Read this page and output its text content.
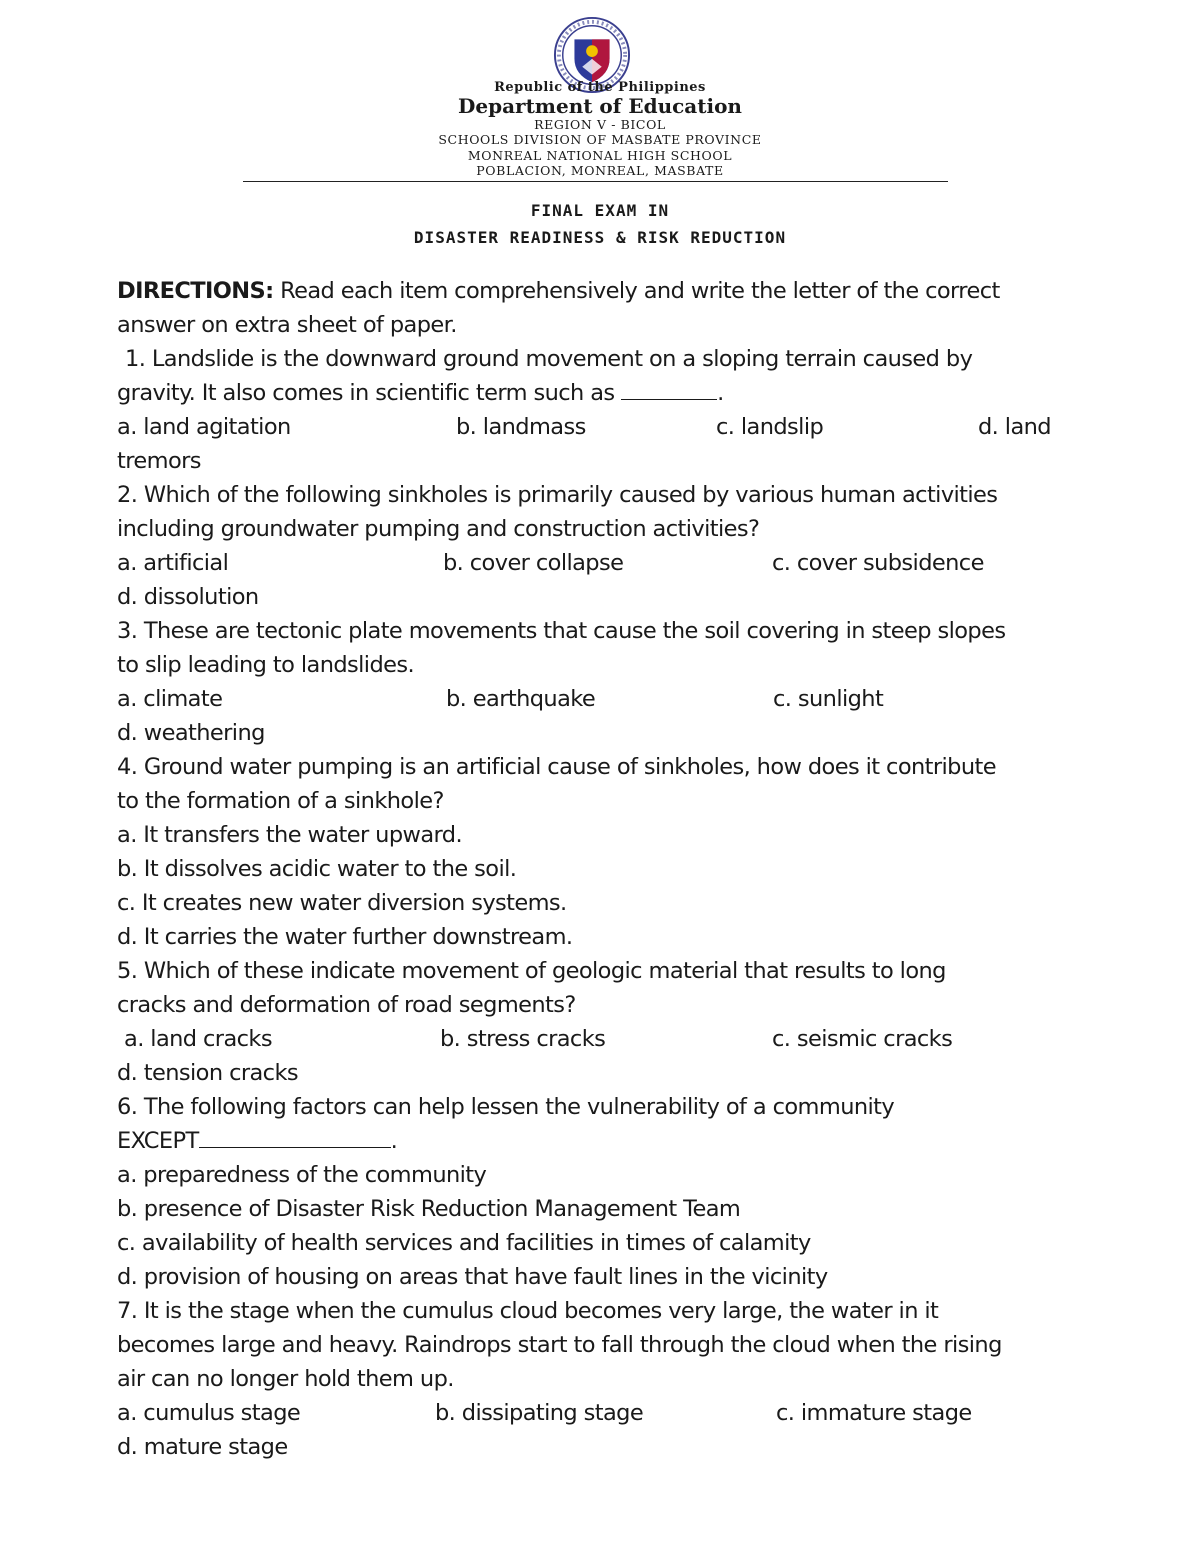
Republic of the Philippines
Department of Education
REGION V - BICOL
SCHOOLS DIVISION OF MASBATE PROVINCE
MONREAL NATIONAL HIGH SCHOOL
POBLACION, MONREAL, MASBATE
FINAL EXAM IN
DISASTER READINESS & RISK REDUCTION
DIRECTIONS: Read each item comprehensively and write the letter of the correct
answer on extra sheet of paper.
1. Landslide is the downward ground movement on a sloping terrain caused by
gravity. It also comes in scientific term such as	.
a. land agitation	b. landmass	c. landslip	d. land
tremors
2. Which of the following sinkholes is primarily caused by various human activities
including groundwater pumping and construction activities?
a. artificial	b. cover collapse	c. cover subsidence
d. dissolution
3. These are tectonic plate movements that cause the soil covering in steep slopes
to slip leading to landslides.
a. climate	b. earthquake	c. sunlight
d. weathering
4. Ground water pumping is an artificial cause of sinkholes, how does it contribute
to the formation of a sinkhole?
a. It transfers the water upward.
b. It dissolves acidic water to the soil.
c. It creates new water diversion systems.
d. It carries the water further downstream.
5. Which of these indicate movement of geologic material that results to long
cracks and deformation of road segments?
a. land cracks	b. stress cracks	c. seismic cracks
d. tension cracks
6. The following factors can help lessen the vulnerability of a community
EXCEPT	.
a. preparedness of the community
b. presence of Disaster Risk Reduction Management Team
c. availability of health services and facilities in times of calamity
d. provision of housing on areas that have fault lines in the vicinity
7. It is the stage when the cumulus cloud becomes very large, the water in it
becomes large and heavy. Raindrops start to fall through the cloud when the rising
air can no longer hold them up.
a. cumulus stage	b. dissipating stage	c. immature stage
d. mature stage
